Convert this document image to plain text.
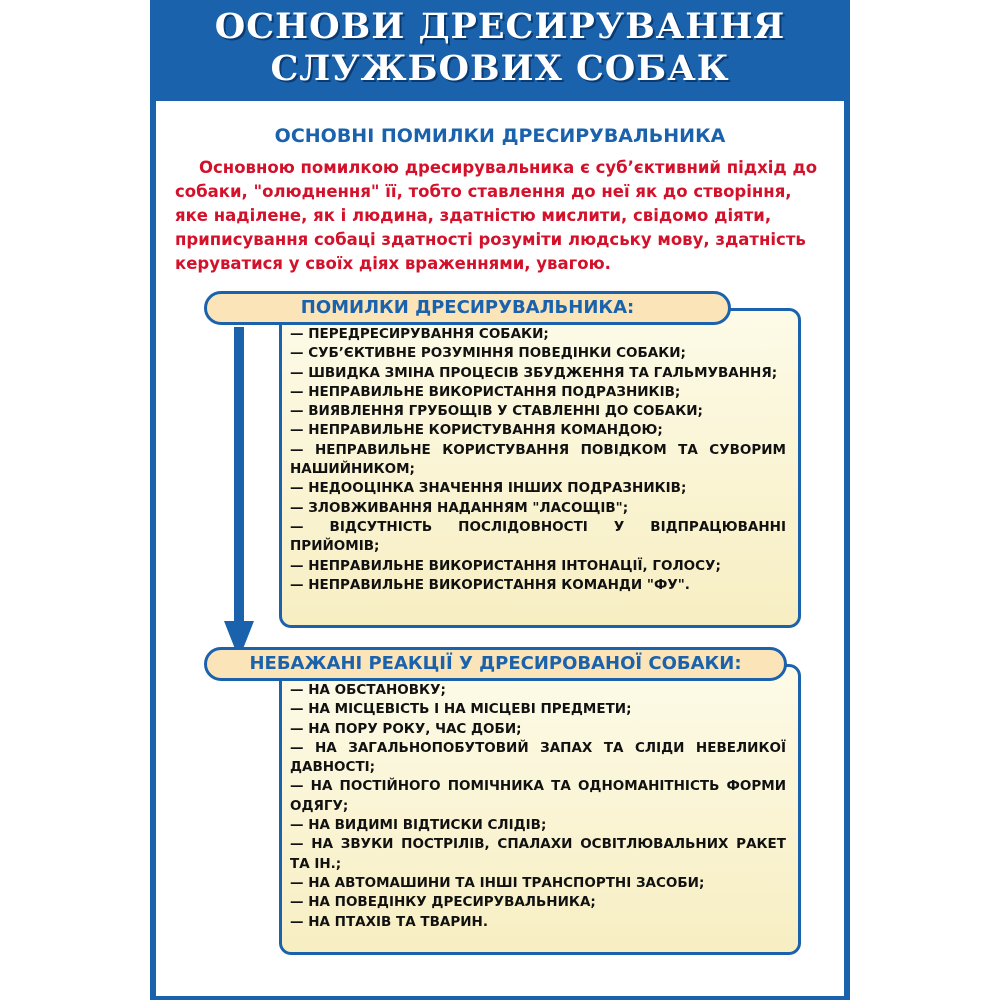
ОСНОВИ ДРЕСИРУВАННЯ
СЛУЖБОВИХ СОБАК
ОСНОВНІ ПОМИЛКИ ДРЕСИРУВАЛЬНИКА

Основною помилкою дресирувальника є суб’єктивний підхід до собаки, "олюднення" її, тобто ставлення до неї як до створіння, яке наділене, як і людина, здатністю мислити, свідомо діяти, приписування собаці здатності розуміти людську мову, здатність керуватися у своїх діях враженнями, увагою.

— ПЕРЕДРЕСИРУВАННЯ СОБАКИ;
— СУБ’ЄКТИВНЕ РОЗУМІННЯ ПОВЕДІНКИ СОБАКИ;
— ШВИДКА ЗМІНА ПРОЦЕСІВ ЗБУДЖЕННЯ ТА ГАЛЬМУВАННЯ;
— НЕПРАВИЛЬНЕ ВИКОРИСТАННЯ ПОДРАЗНИКІВ;
— ВИЯВЛЕННЯ ГРУБОЩІВ У СТАВЛЕННІ ДО СОБАКИ;
— НЕПРАВИЛЬНЕ КОРИСТУВАННЯ КОМАНДОЮ;
— НЕПРАВИЛЬНЕ КОРИСТУВАННЯ ПОВІДКОМ ТА СУВОРИМ НАШИЙНИКОМ;
— НЕДООЦІНКА ЗНАЧЕННЯ ІНШИХ ПОДРАЗНИКІВ;
— ЗЛОВЖИВАННЯ НАДАННЯМ "ЛАСОЩІВ";
— ВІДСУТНІСТЬ ПОСЛІДОВНОСТІ У ВІДПРАЦЮВАННІ ПРИЙОМІВ;
— НЕПРАВИЛЬНЕ ВИКОРИСТАННЯ ІНТОНАЦІЇ, ГОЛОСУ;
— НЕПРАВИЛЬНЕ ВИКОРИСТАННЯ КОМАНДИ "ФУ".
ПОМИЛКИ ДРЕСИРУВАЛЬНИКА:
— НА ОБСТАНОВКУ;
— НА МІСЦЕВІСТЬ І НА МІСЦЕВІ ПРЕДМЕТИ;
— НА ПОРУ РОКУ, ЧАС ДОБИ;
— НА ЗАГАЛЬНОПОБУТОВИЙ ЗАПАХ ТА СЛІДИ НЕВЕЛИКОЇ ДАВНОСТІ;
— НА ПОСТІЙНОГО ПОМІЧНИКА ТА ОДНОМАНІТНІСТЬ ФОРМИ ОДЯГУ;
— НА ВИДИМІ ВІДТИСКИ СЛІДІВ;
— НА ЗВУКИ ПОСТРІЛІВ, СПАЛАХИ ОСВІТЛЮВАЛЬНИХ РАКЕТ ТА ІН.;
— НА АВТОМАШИНИ ТА ІНШІ ТРАНСПОРТНІ ЗАСОБИ;
— НА ПОВЕДІНКУ ДРЕСИРУВАЛЬНИКА;
— НА ПТАХІВ ТА ТВАРИН.
НЕБАЖАНІ РЕАКЦІЇ У ДРЕСИРОВАНОЇ СОБАКИ:
